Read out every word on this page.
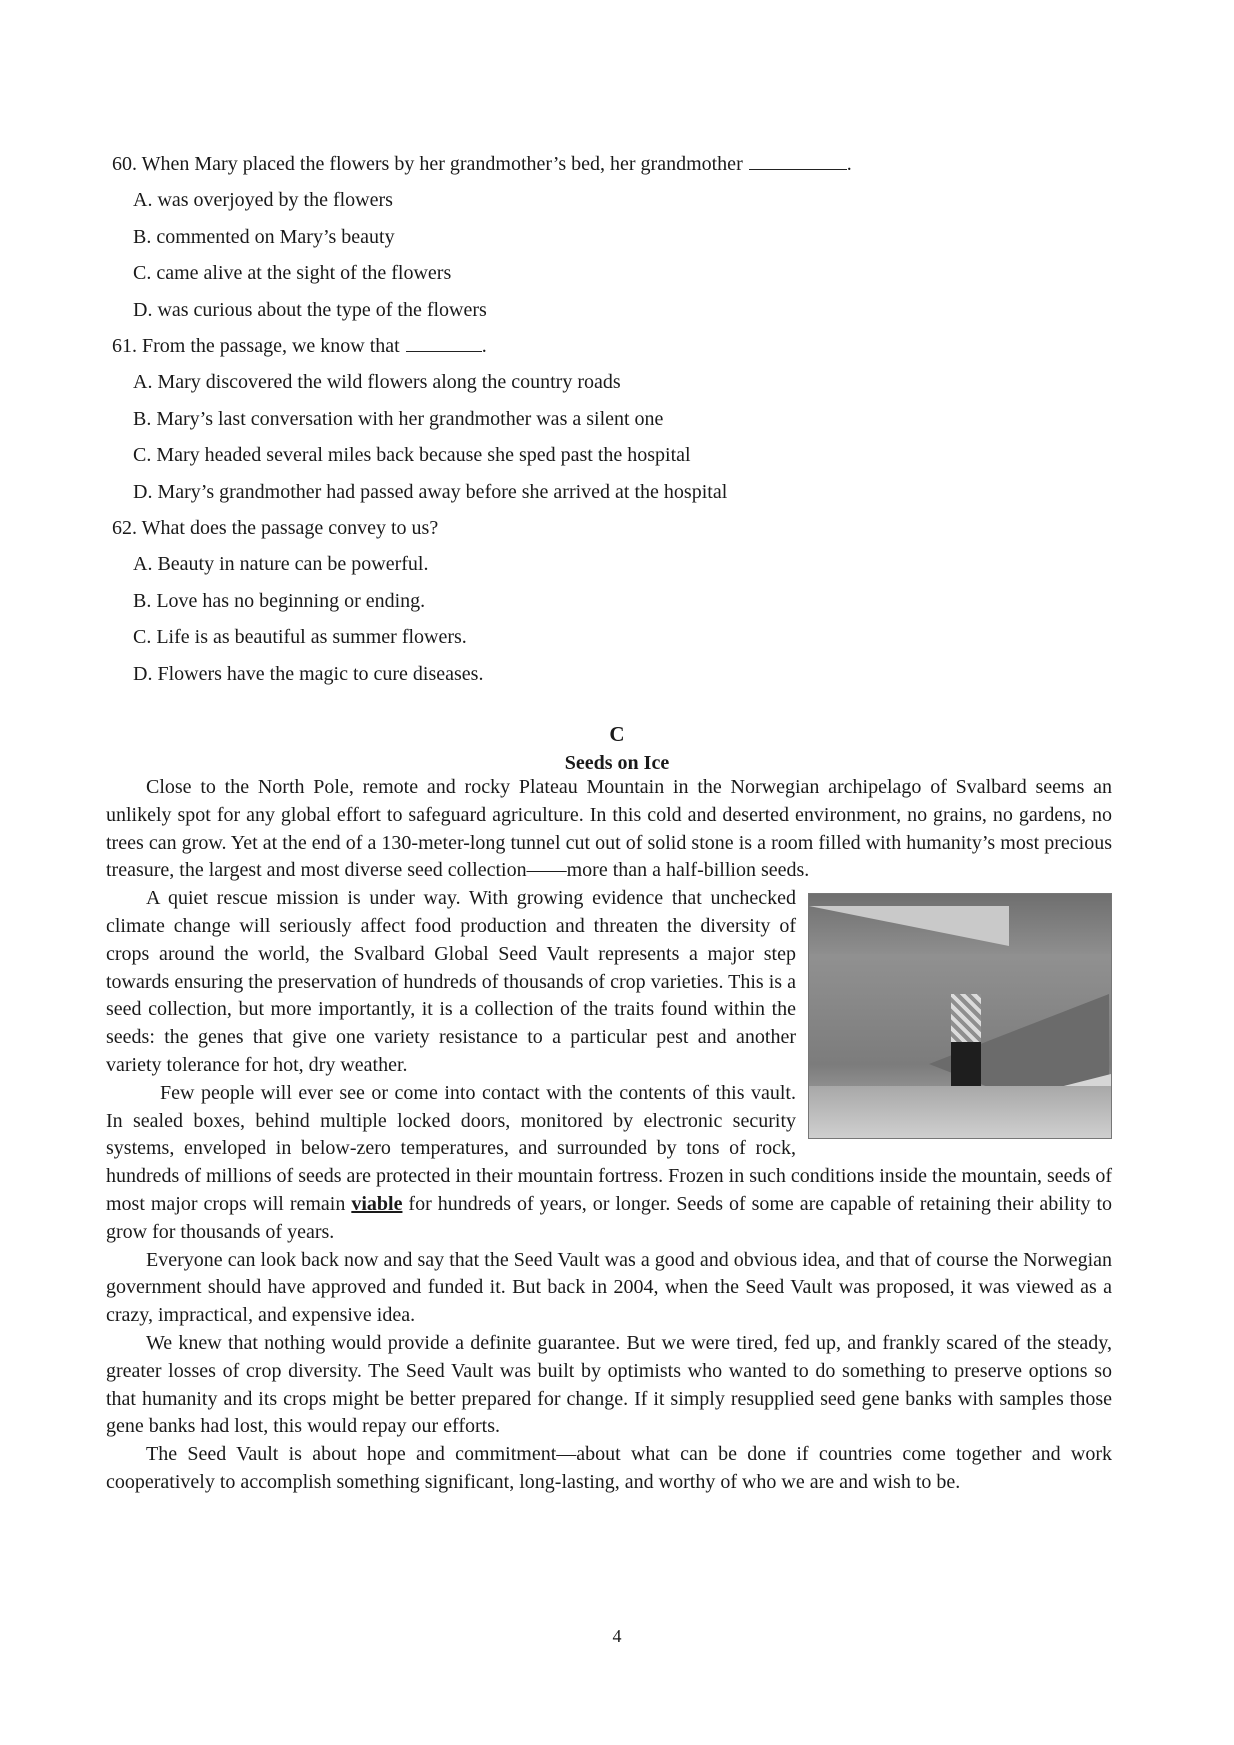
60. When Mary placed the flowers by her grandmother’s bed, her grandmother	.
A. was overjoyed by the flowers
B. commented on Mary’s beauty
C. came alive at the sight of the flowers
D. was curious about the type of the flowers
61. From the passage, we know that	.
A. Mary discovered the wild flowers along the country roads
B. Mary’s last conversation with her grandmother was a silent one
C. Mary headed several miles back because she sped past the hospital
D. Mary’s grandmother had passed away before she arrived at the hospital
62. What does the passage convey to us?
A. Beauty in nature can be powerful.
B. Love has no beginning or ending.
C. Life is as beautiful as summer flowers.
D. Flowers have the magic to cure diseases.
C
Seeds on Ice

Close to the North Pole, remote and rocky Plateau Mountain in the Norwegian archipelago of Svalbard seems an unlikely spot for any global effort to safeguard agriculture. In this cold and deserted environment, no grains, no gardens, no trees can grow. Yet at the end of a 130-meter-long tunnel cut out of solid stone is a room filled with humanity’s most precious treasure, the largest and most diverse seed collection——more than a half-billion seeds.

A quiet rescue mission is under way. With growing evidence that unchecked climate change will seriously affect food production and threaten the diversity of crops around the world, the Svalbard Global Seed Vault represents a major step towards ensuring the preservation of hundreds of thousands of crop varieties. This is a seed collection, but more importantly, it is a collection of the traits found within the seeds: the genes that give one variety resistance to a particular pest and another variety tolerance for hot, dry weather.

Few people will ever see or come into contact with the contents of this vault. In sealed boxes, behind multiple locked doors, monitored by electronic security systems, enveloped in below-zero temperatures, and surrounded by tons of rock, hundreds of millions of seeds are protected in their mountain fortress. Frozen in such conditions inside the mountain, seeds of most major crops will remain viable for hundreds of years, or longer. Seeds of some are capable of retaining their ability to grow for thousands of years.

Everyone can look back now and say that the Seed Vault was a good and obvious idea, and that of course the Norwegian government should have approved and funded it. But back in 2004, when the Seed Vault was proposed, it was viewed as a crazy, impractical, and expensive idea.

We knew that nothing would provide a definite guarantee. But we were tired, fed up, and frankly scared of the steady, greater losses of crop diversity. The Seed Vault was built by optimists who wanted to do something to preserve options so that humanity and its crops might be better prepared for change. If it simply resupplied seed gene banks with samples those gene banks had lost, this would repay our efforts.

The Seed Vault is about hope and commitment—about what can be done if countries come together and work cooperatively to accomplish something significant, long-lasting, and worthy of who we are and wish to be.

4
